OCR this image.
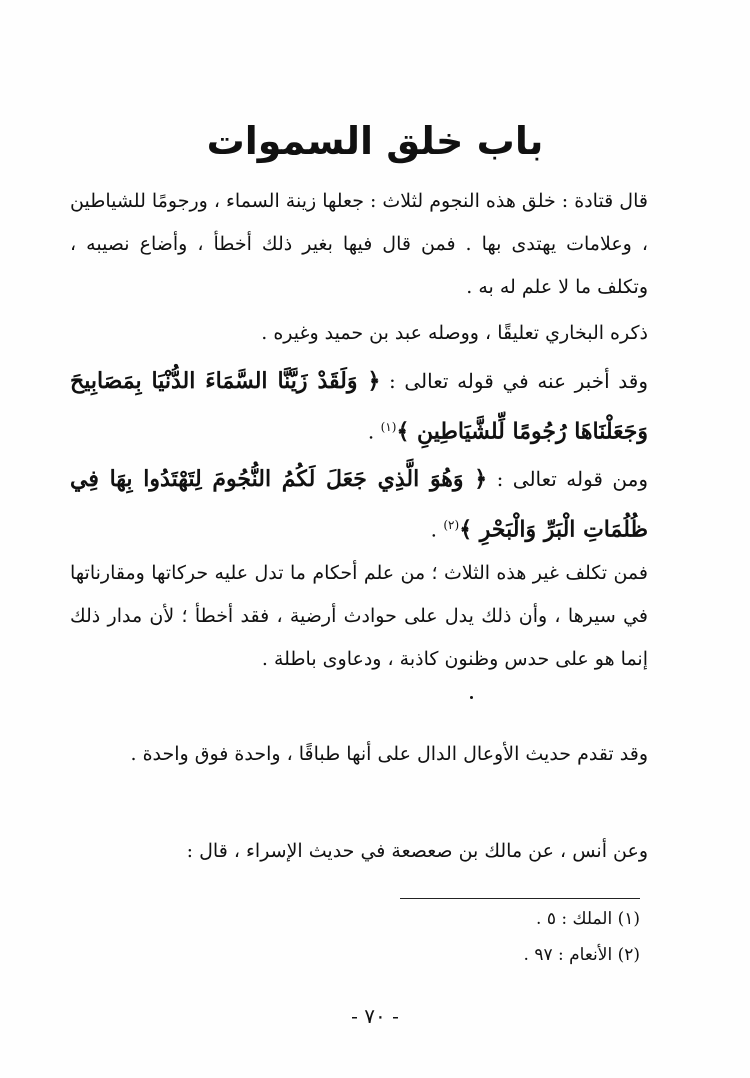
باب خلق السموات

قال قتادة : خلق هذه النجوم لثلاث : جعلها زينة السماء ، ورجومًا للشياطين ، وعلامات يهتدى بها . فمن قال فيها بغير ذلك أخطأ ، وأضاع نصيبه ، وتكلف ما لا علم له به .

ذكره البخاري تعليقًا ، ووصله عبد بن حميد وغيره .

وقد أخبر عنه في قوله تعالى : ﴿ وَلَقَدْ زَيَّنَّا السَّمَاءَ الدُّنْيَا بِمَصَابِيحَ وَجَعَلْنَاهَا رُجُومًا لِّلشَّيَاطِينِ ﴾$^{(١)}$ .

ومن قوله تعالى : ﴿ وَهُوَ الَّذِي جَعَلَ لَكُمُ النُّجُومَ لِتَهْتَدُوا بِهَا فِي ظُلُمَاتِ الْبَرِّ وَالْبَحْرِ ﴾$^{(٢)}$ .

فمن تكلف غير هذه الثلاث ؛ من علم أحكام ما تدل عليه حركاتها ومقارناتها في سيرها ، وأن ذلك يدل على حوادث أرضية ، فقد أخطأ ؛ لأن مدار ذلك إنما هو على حدس وظنون كاذبة ، ودعاوى باطلة .

وقد تقدم حديث الأوعال الدال على أنها طباقًا ، واحدة فوق واحدة .

وعن أنس ، عن مالك بن صعصعة في حديث الإسراء ، قال :

(١) الملك : ٥ .

(٢) الأنعام : ٩٧ .

- ٧٠ -
